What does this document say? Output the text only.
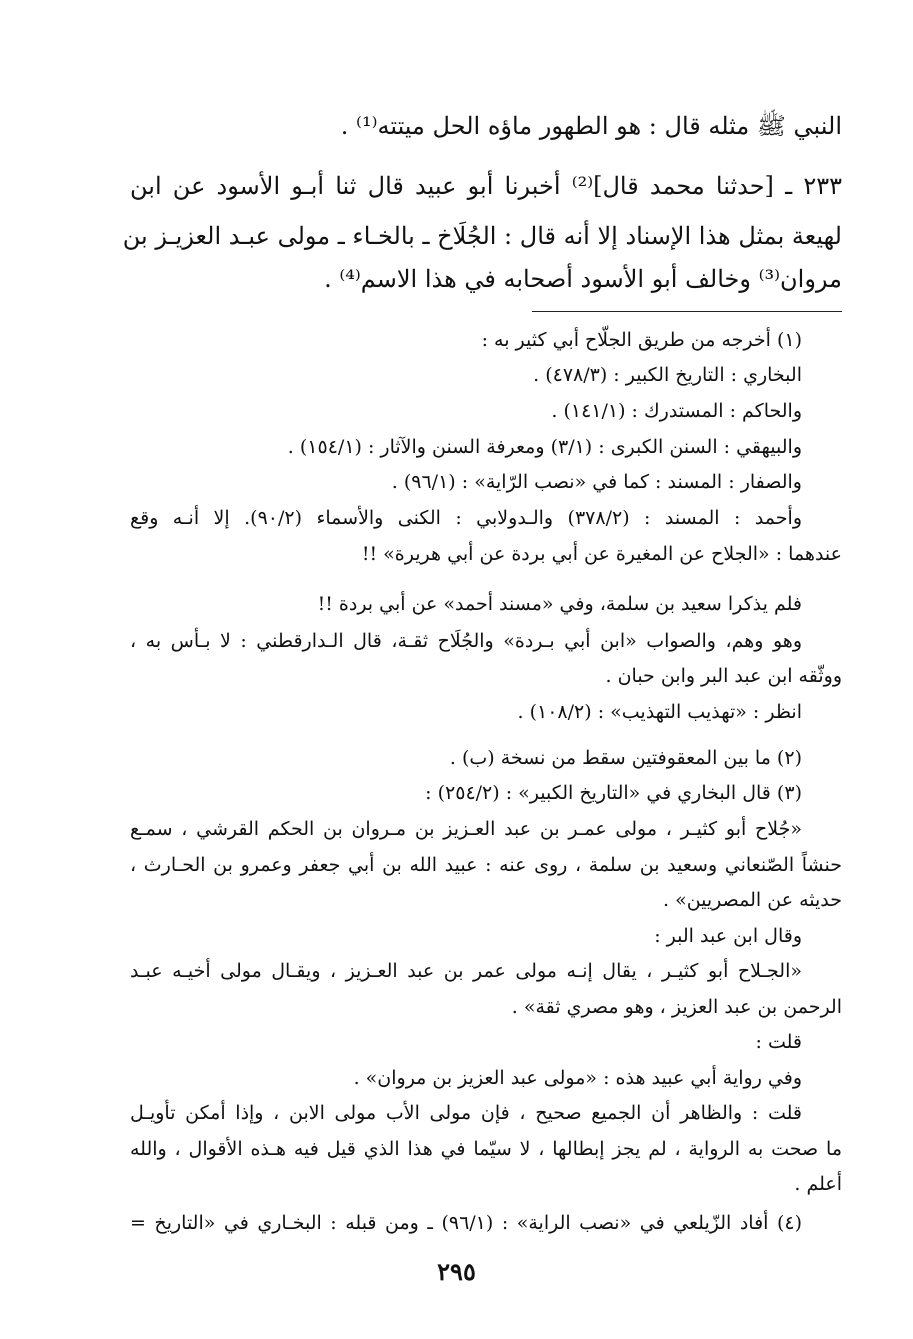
النبي ﷺ مثله قال : هو الطهور ماؤه الحل ميتته⁽¹⁾ .
٢٣٣ ـ [حدثنا محمد قال]⁽²⁾ أخبرنا أبو عبيد قال ثنا أبـو الأسود عن ابن
لهيعة بمثل هذا الإسناد إلا أنه قال : الجُلَاخ ـ بالخـاء ـ مولى عبـد العزيـز بن
مروان⁽³⁾ وخالف أبو الأسود أصحابه في هذا الاسم⁽⁴⁾ .
(١) أخرجه من طريق الجلّاح أبي كثير به :
البخاري : التاريخ الكبير : (٤٧٨/٣) .
والحاكم : المستدرك : (١٤١/١) .
والبيهقي : السنن الكبرى : (٣/١) ومعرفة السنن والآثار : (١٥٤/١) .
والصفار : المسند : كما في «نصب الرّاية» : (٩٦/١) .
وأحمد : المسند : (٣٧٨/٢) والـدولابي : الكنى والأسماء (٩٠/٢). إلا أنـه وقع
عندهما : «الجلاح عن المغيرة عن أبي بردة عن أبي هريرة» !!
فلم يذكرا سعيد بن سلمة، وفي «مسند أحمد» عن أبي بردة !!
وهو وهم، والصواب «ابن أبي بـردة» والجُلَاح ثقـة، قال الـدارقطني : لا بـأس به ،
ووثّقه ابن عبد البر وابن حبان .
انظر : «تهذيب التهذيب» : (١٠٨/٢) .
(٢) ما بين المعقوفتين سقط من نسخة (ب) .
(٣) قال البخاري في «التاريخ الكبير» : (٢٥٤/٢) :
«جُلاح أبو كثيـر ، مولى عمـر بن عبد العـزيز بن مـروان بن الحكم القرشي ، سمـع
حنشاً الصّنعاني وسعيد بن سلمة ، روى عنه : عبيد الله بن أبي جعفر وعمرو بن الحـارث ،
حديثه عن المصريين» .
وقال ابن عبد البر :
«الجـلاح أبو كثيـر ، يقال إنـه مولى عمر بن عبد العـزيز ، ويقـال مولى أخيـه عبـد
الرحمن بن عبد العزيز ، وهو مصري ثقة» .
قلت :
وفي رواية أبي عبيد هذه : «مولى عبد العزيز بن مروان» .
قلت : والظاهر أن الجميع صحيح ، فإن مولى الأب مولى الابن ، وإذا أمكن تأويـل
ما صحت به الرواية ، لم يجز إبطالها ، لا سيّما في هذا الذي قيل فيه هـذه الأقوال ، والله
أعلم .
(٤) أفاد الزّيلعي في «نصب الراية» : (٩٦/١) ـ ومن قبله : البخـاري في «التاريخ =
٢٩٥
